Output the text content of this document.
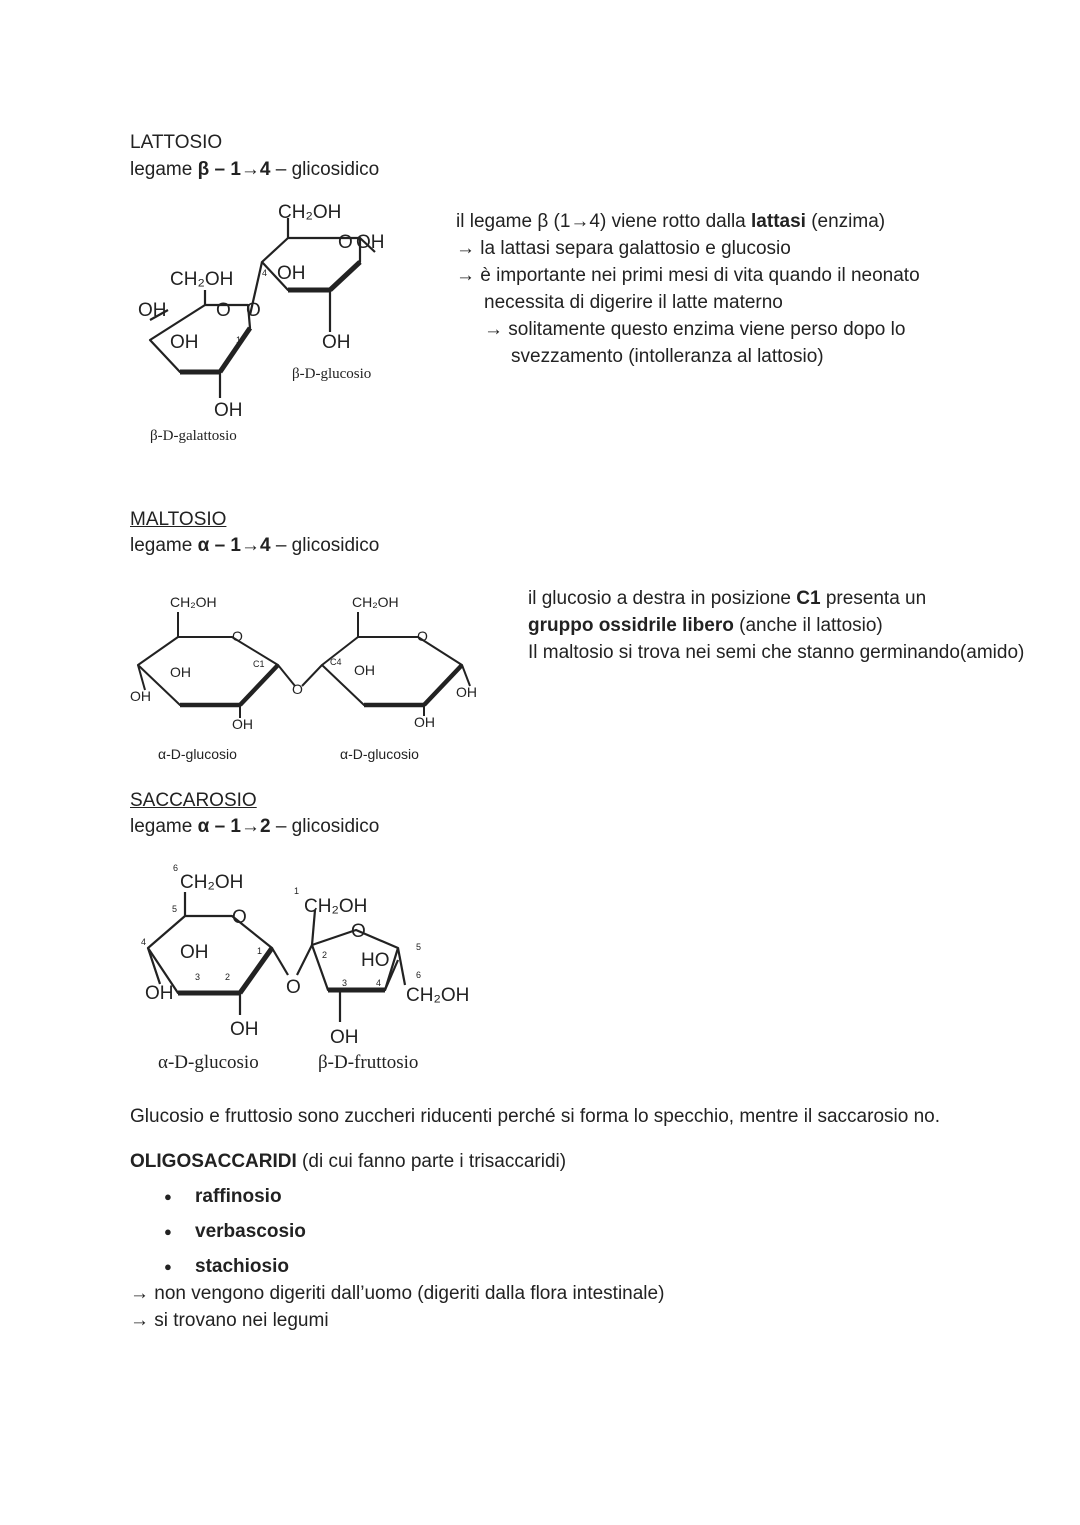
LATTOSIO
legame β – 1→4 – glicosidico
CH₂OH
O OH
4 OH
CH₂OH
OH	O O
OH	1	OH
OH
β-D-glucosio
β-D-galattosio

il legame β (1→4) viene rotto dalla lattasi (enzima)

→ la lattasi separa galattosio e glucosio

→ è importante nei primi mesi di vita quando il neonato

necessita di digerire il latte materno

→ solitamente questo enzima viene perso dopo lo

svezzamento (intolleranza al lattosio)

MALTOSIO
legame α – 1→4 – glicosidico
CH₂OH
O
OH	C1
OH
OH
O
CH₂OH
O
C4 OH
OH
OH
α-D-glucosio	α-D-glucosio

il glucosio a destra in posizione C1 presenta un

gruppo ossidrile libero (anche il lattosio)

Il maltosio si trova nei semi che stanno germinando(amido)

SACCAROSIO
legame α – 1→2 – glicosidico
6
CH₂OH
5	O
4 OH	1
3	2
OH
OH
O
1
CH₂OH
O
2 HO
5
3	4
6
CH₂OH
OH
α-D-glucosio	β-D-fruttosio
Glucosio e fruttosio sono zuccheri riducenti perché si forma lo specchio, mentre il saccarosio no.
OLIGOSACCARIDI (di cui fanno parte i trisaccaridi)
● raffinosio
● verbascosio
● stachiosio
→ non vengono digeriti dall’uomo (digeriti dalla flora intestinale)
→ si trovano nei legumi
